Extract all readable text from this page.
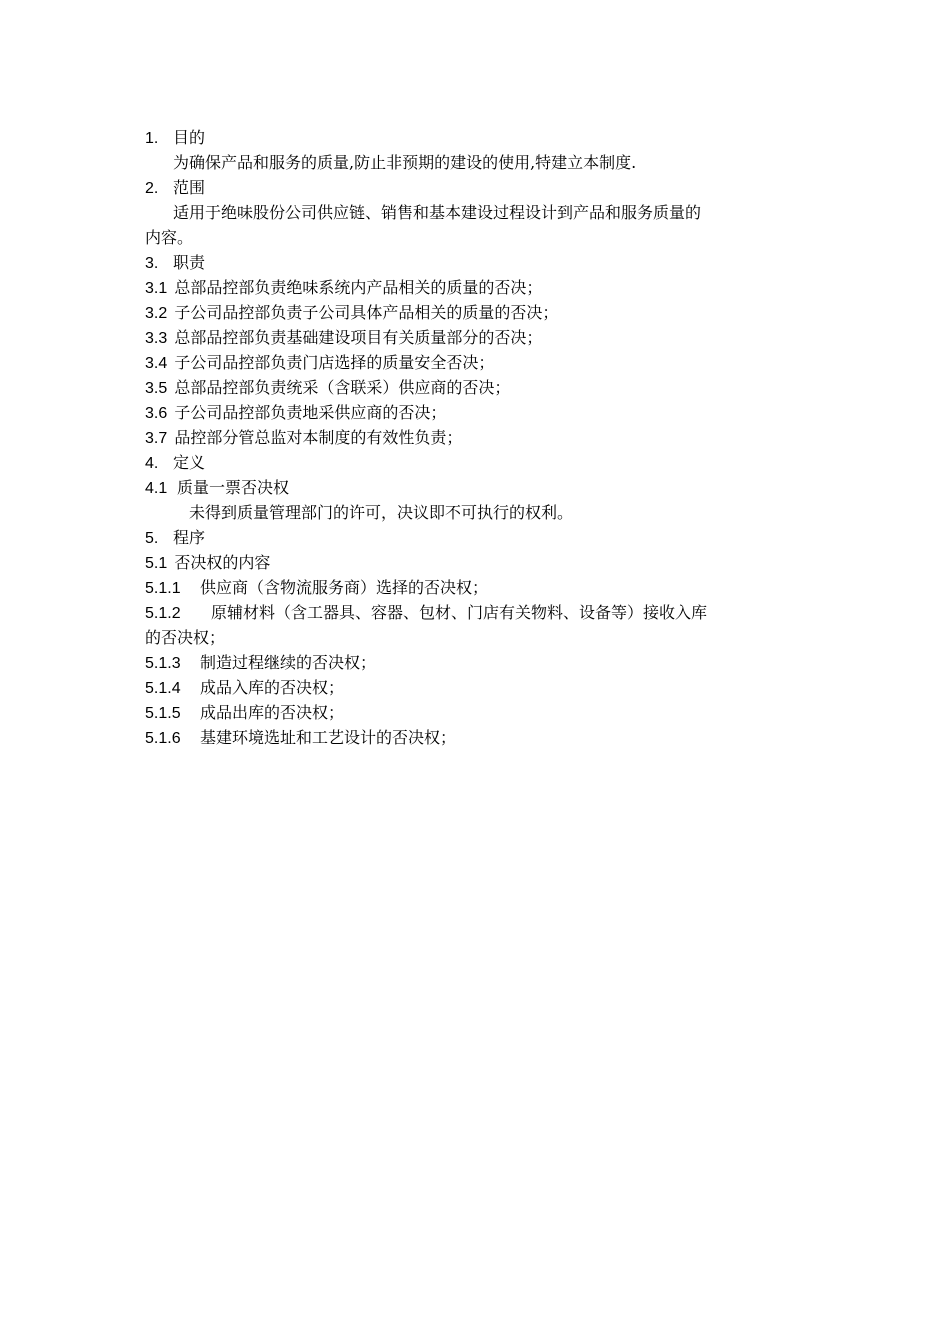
1. 目的
为确保产品和服务的质量,防止非预期的建设的使用,特建立本制度.
2. 范围
适用于绝味股份公司供应链、销售和基本建设过程设计到产品和服务质量的
内容。
3. 职责
3.1 总部品控部负责绝味系统内产品相关的质量的否决；
3.2 子公司品控部负责子公司具体产品相关的质量的否决；
3.3 总部品控部负责基础建设项目有关质量部分的否决；
3.4 子公司品控部负责门店选择的质量安全否决；
3.5 总部品控部负责统采（含联采）供应商的否决；
3.6 子公司品控部负责地采供应商的否决；
3.7 品控部分管总监对本制度的有效性负责；
4. 定义
4.1 质量一票否决权
未得到质量管理部门的许可，决议即不可执行的权利。
5. 程序
5.1 否决权的内容
5.1.1 供应商（含物流服务商）选择的否决权；
5.1.2 原辅材料（含工器具、容器、包材、门店有关物料、设备等）接收入库
的否决权；
5.1.3 制造过程继续的否决权；
5.1.4 成品入库的否决权；
5.1.5 成品出库的否决权；
5.1.6 基建环境选址和工艺设计的否决权；
